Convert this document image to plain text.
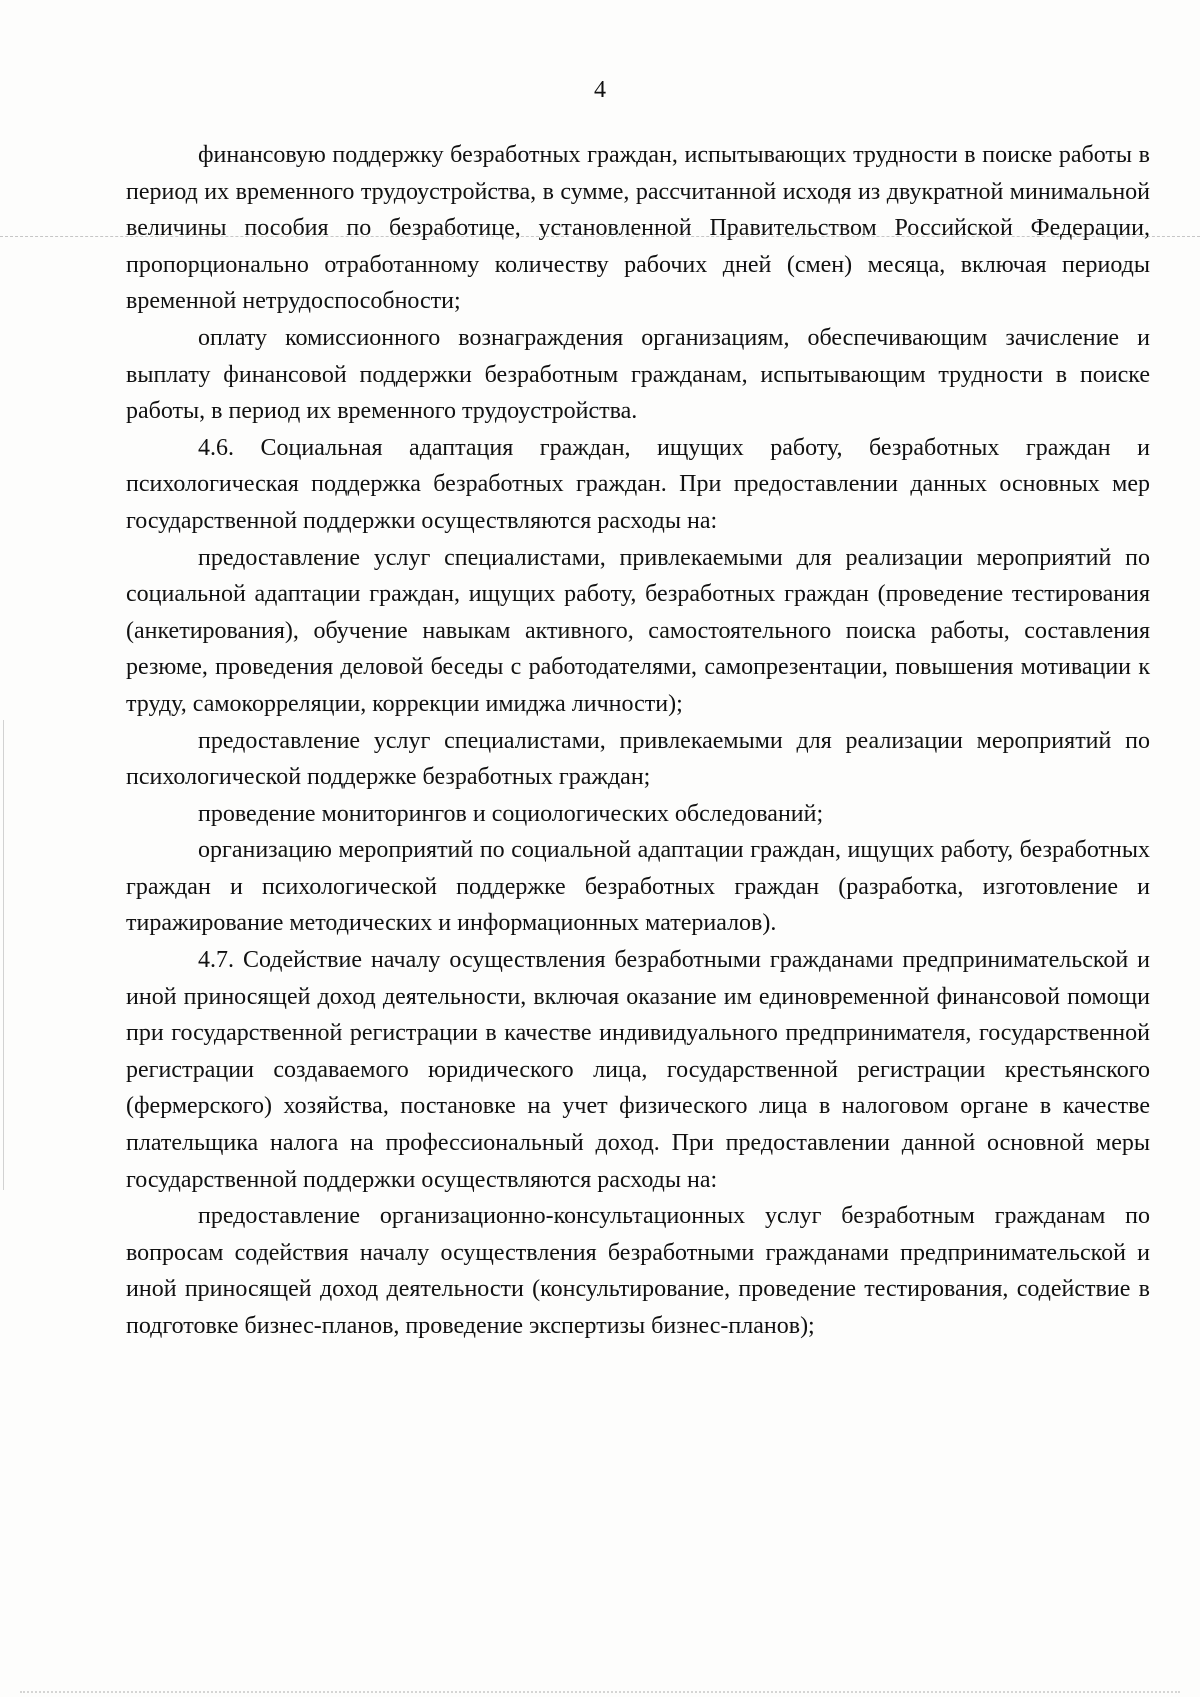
4

финансовую поддержку безработных граждан, испытывающих трудности в поиске работы в период их временного трудоустройства, в сумме, рассчитанной исходя из двукратной минимальной величины пособия по безработице, установленной Правительством Российской Федерации, пропорционально отработанному количеству рабочих дней (смен) месяца, включая периоды временной нетрудоспособности;

оплату комиссионного вознаграждения организациям, обеспечивающим зачисление и выплату финансовой поддержки безработным гражданам, испытывающим трудности в поиске работы, в период их временного трудоустройства.

4.6. Социальная адаптация граждан, ищущих работу, безработных граждан и психологическая поддержка безработных граждан. При предоставлении данных основных мер государственной поддержки осуществляются расходы на:

предоставление услуг специалистами, привлекаемыми для реализации мероприятий по социальной адаптации граждан, ищущих работу, безработных граждан (проведение тестирования (анкетирования), обучение навыкам активного, самостоятельного поиска работы, составления резюме, проведения деловой беседы с работодателями, самопрезентации, повышения мотивации к труду, самокорреляции, коррекции имиджа личности);

предоставление услуг специалистами, привлекаемыми для реализации мероприятий по психологической поддержке безработных граждан;

проведение мониторингов и социологических обследований;

организацию мероприятий по социальной адаптации граждан, ищущих работу, безработных граждан и психологической поддержке безработных граждан (разработка, изготовление и тиражирование методических и информационных материалов).

4.7. Содействие началу осуществления безработными гражданами предпринимательской и иной приносящей доход деятельности, включая оказание им единовременной финансовой помощи при государственной регистрации в качестве индивидуального предпринимателя, государственной регистрации создаваемого юридического лица, государственной регистрации крестьянского (фермерского) хозяйства, постановке на учет физического лица в налоговом органе в качестве плательщика налога на профессиональный доход. При предоставлении данной основной меры государственной поддержки осуществляются расходы на:

предоставление организационно-консультационных услуг безработным гражданам по вопросам содействия началу осуществления безработными гражданами предпринимательской и иной приносящей доход деятельности (консультирование, проведение тестирования, содействие в подготовке бизнес-планов, проведение экспертизы бизнес-планов);
